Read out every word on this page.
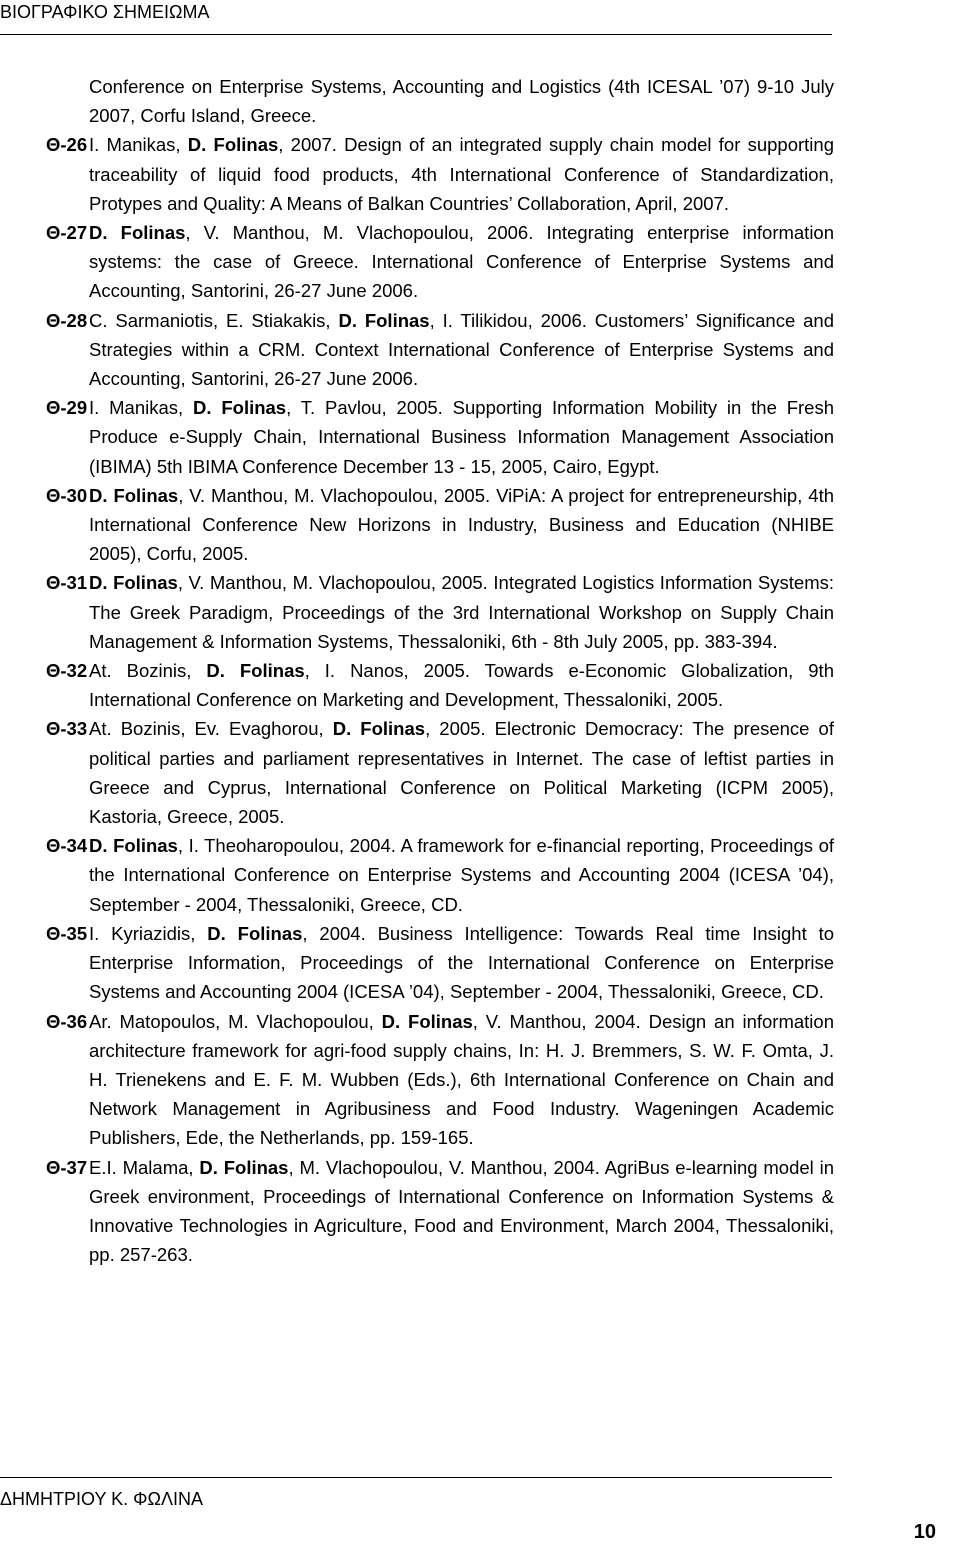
ΒΙΟΓΡΑΦΙΚΟ ΣΗΜΕΙΩΜΑ

Conference on Enterprise Systems, Accounting and Logistics (4th ICESAL ’07) 9-10 July 2007, Corfu Island, Greece.

Θ-26 I. Manikas, D. Folinas, 2007. Design of an integrated supply chain model for supporting traceability of liquid food products, 4th International Conference of Standardization, Protypes and Quality: A Means of Balkan Countries’ Collaboration, April, 2007.

Θ-27 D. Folinas, V. Manthou, M. Vlachopoulou, 2006. Integrating enterprise information systems: the case of Greece. International Conference of Enterprise Systems and Accounting, Santorini, 26-27 June 2006.

Θ-28 C. Sarmaniotis, E. Stiakakis, D. Folinas, I. Tilikidou, 2006. Customers’ Significance and Strategies within a CRM. Context International Conference of Enterprise Systems and Accounting, Santorini, 26-27 June 2006.

Θ-29 I. Manikas, D. Folinas, T. Pavlou, 2005. Supporting Information Mobility in the Fresh Produce e-Supply Chain, International Business Information Management Association (IBIMA) 5th IBIMA Conference December 13 - 15, 2005, Cairo, Egypt.

Θ-30 D. Folinas, V. Manthou, M. Vlachopoulou, 2005. ViPiA: A project for entrepreneurship, 4th International Conference New Horizons in Industry, Business and Education (NHIBE 2005), Corfu, 2005.

Θ-31 D. Folinas, V. Manthou, M. Vlachopoulou, 2005. Integrated Logistics Information Systems: The Greek Paradigm, Proceedings of the 3rd International Workshop on Supply Chain Management & Information Systems, Thessaloniki, 6th - 8th July 2005, pp. 383-394.

Θ-32 At. Bozinis, D. Folinas, I. Nanos, 2005. Towards e-Economic Globalization, 9th International Conference on Marketing and Development, Thessaloniki, 2005.

Θ-33 At. Bozinis, Ev. Evaghorou, D. Folinas, 2005. Electronic Democracy: The presence of political parties and parliament representatives in Internet. The case of leftist parties in Greece and Cyprus, International Conference on Political Marketing (ICPM 2005), Kastoria, Greece, 2005.

Θ-34 D. Folinas, I. Theoharopoulou, 2004. A framework for e-financial reporting, Proceedings of the International Conference on Enterprise Systems and Accounting 2004 (ICESA ’04), September - 2004, Thessaloniki, Greece, CD.

Θ-35 I. Kyriazidis, D. Folinas, 2004. Business Intelligence: Towards Real time Insight to Enterprise Information, Proceedings of the International Conference on Enterprise Systems and Accounting 2004 (ICESA ’04), September - 2004, Thessaloniki, Greece, CD.

Θ-36 Ar. Matopoulos, M. Vlachopoulou, D. Folinas, V. Manthou, 2004. Design an information architecture framework for agri-food supply chains, In: H. J. Bremmers, S. W. F. Omta, J. H. Trienekens and E. F. M. Wubben (Eds.), 6th International Conference on Chain and Network Management in Agribusiness and Food Industry. Wageningen Academic Publishers, Ede, the Netherlands, pp. 159-165.

Θ-37 E.I. Malama, D. Folinas, M. Vlachopoulou, V. Manthou, 2004. AgriBus e-learning model in Greek environment, Proceedings of International Conference on Information Systems & Innovative Technologies in Agriculture, Food and Environment, March 2004, Thessaloniki, pp. 257-263.

ΔΗΜΗΤΡΙΟΥ Κ. ΦΩΛΙΝΑ
10
